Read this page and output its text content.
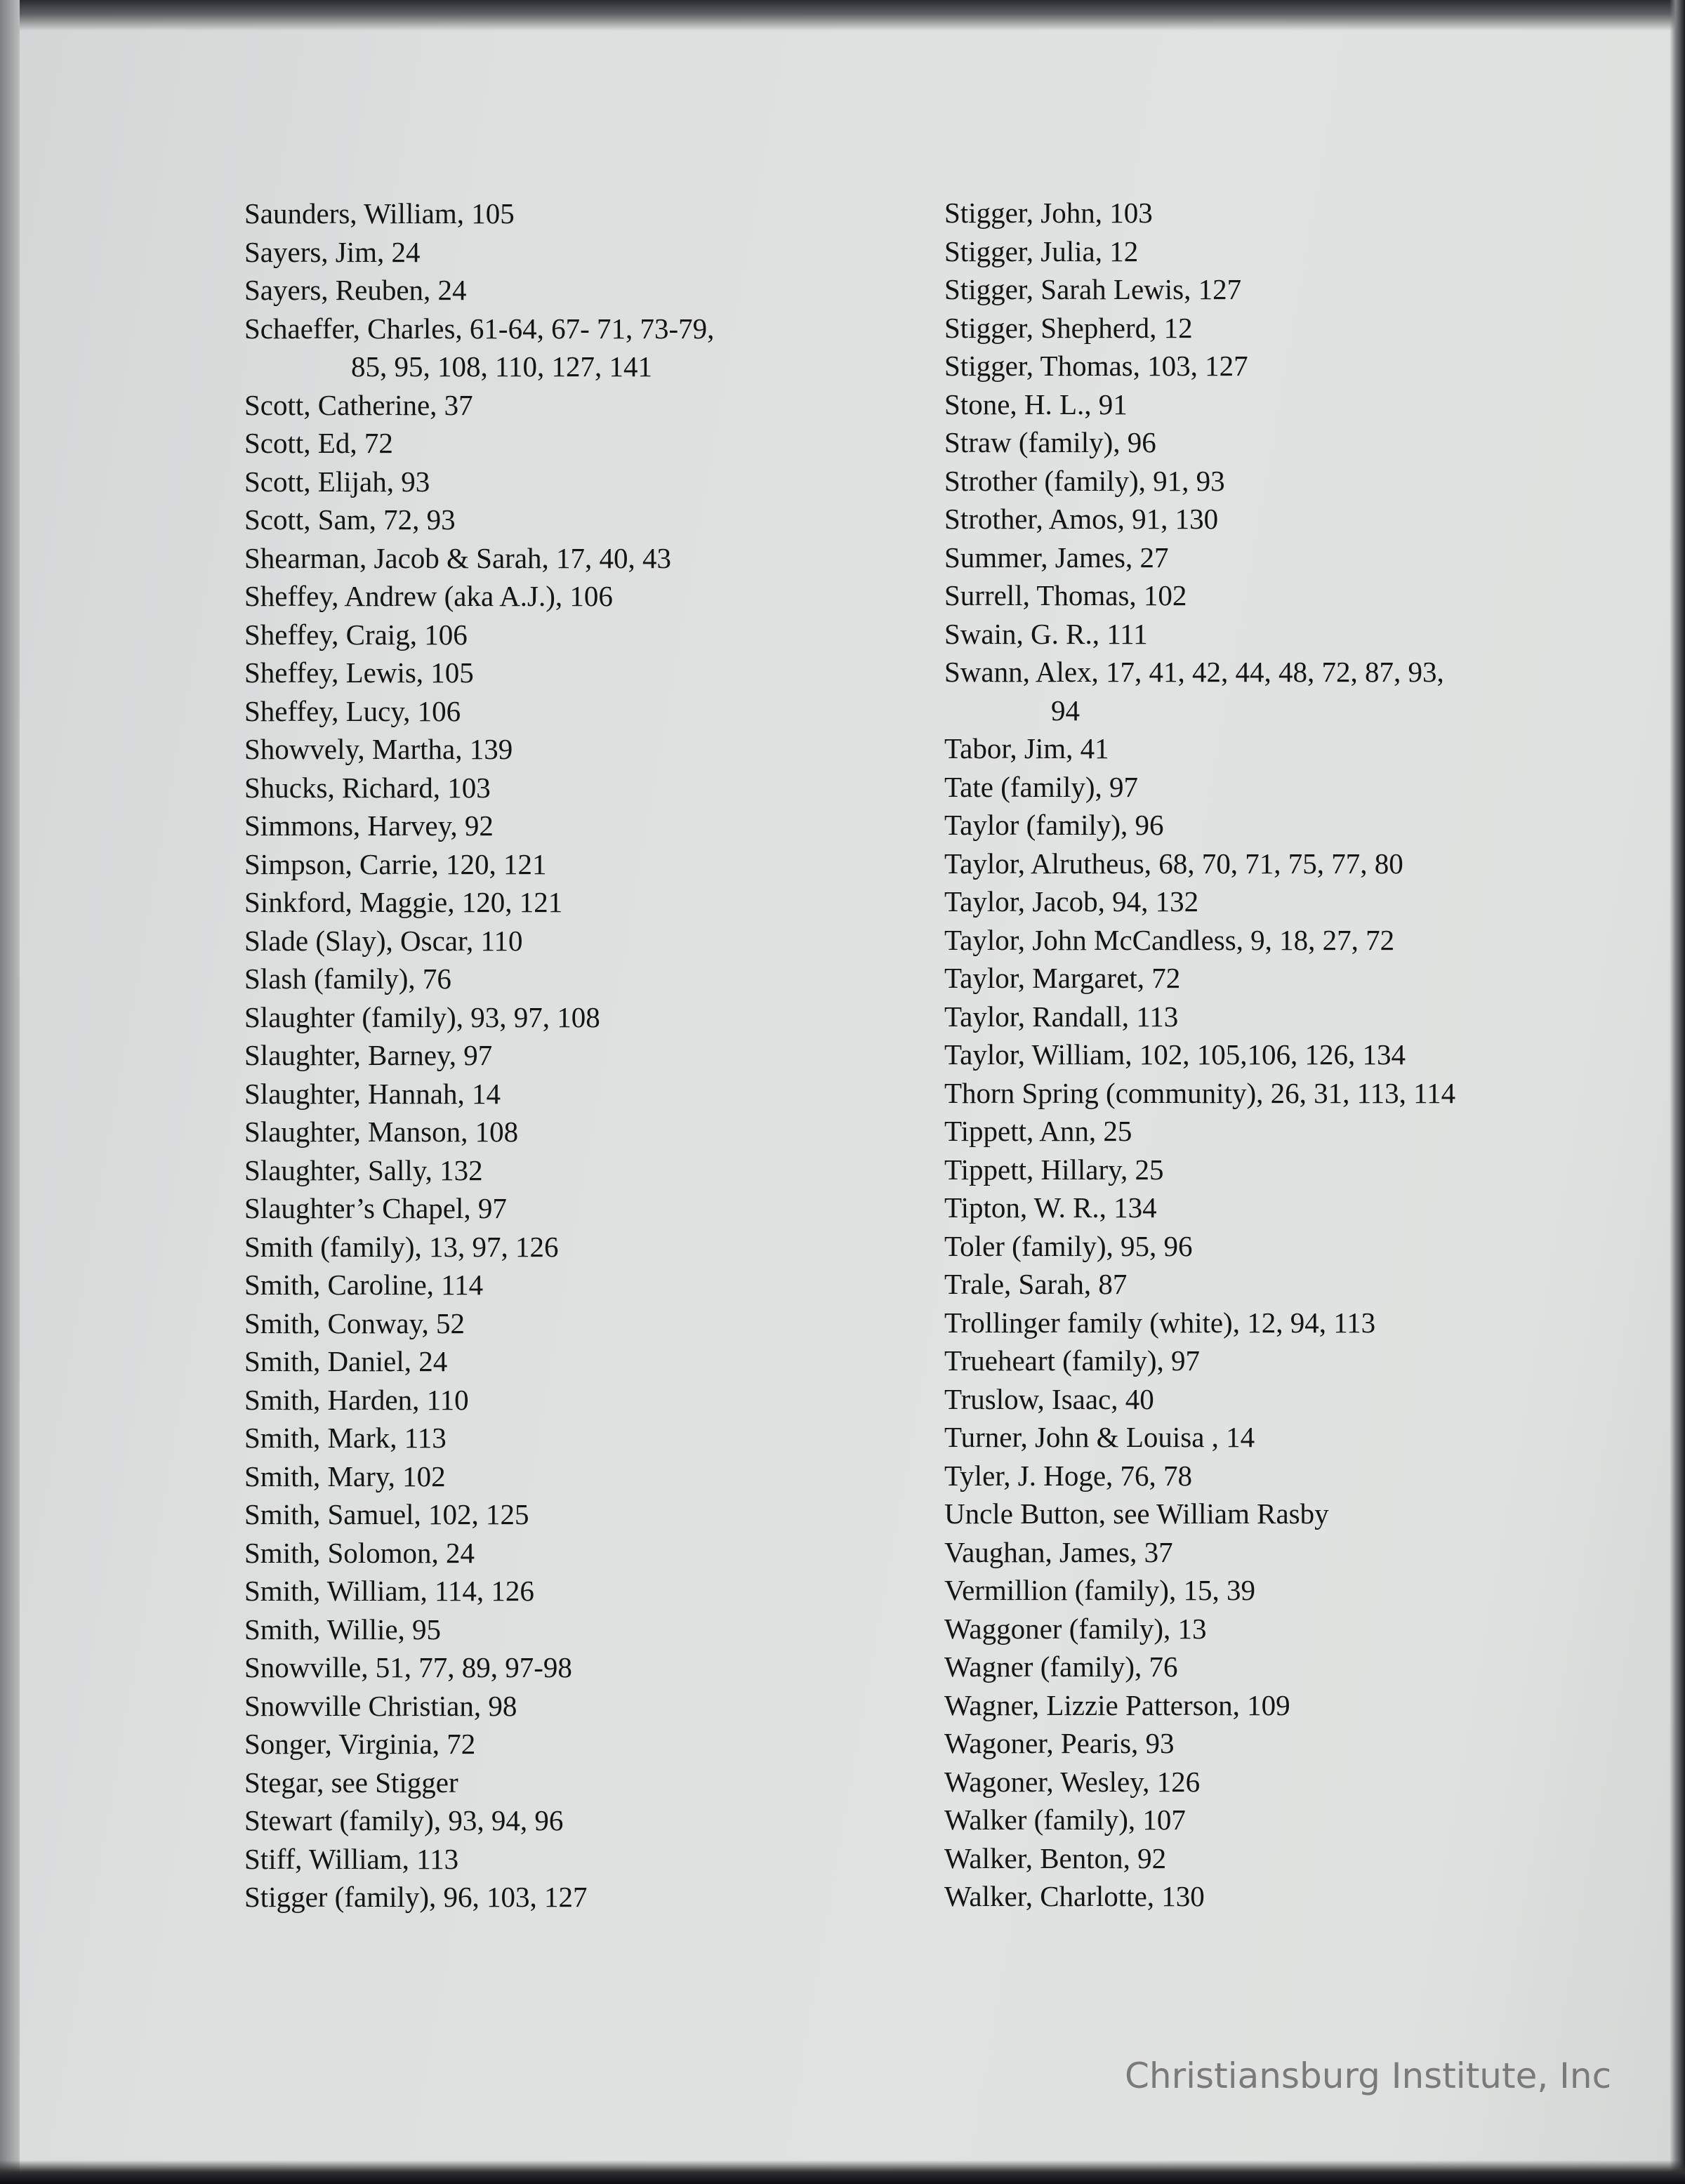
Saunders, William, 105
Sayers, Jim, 24
Sayers, Reuben, 24
Schaeffer, Charles, 61-64, 67- 71, 73-79,
85, 95, 108, 110, 127, 141
Scott, Catherine, 37
Scott, Ed, 72
Scott, Elijah, 93
Scott, Sam, 72, 93
Shearman, Jacob & Sarah, 17, 40, 43
Sheffey, Andrew (aka A.J.), 106
Sheffey, Craig, 106
Sheffey, Lewis, 105
Sheffey, Lucy, 106
Showvely, Martha, 139
Shucks, Richard, 103
Simmons, Harvey, 92
Simpson, Carrie, 120, 121
Sinkford, Maggie, 120, 121
Slade (Slay), Oscar, 110
Slash (family), 76
Slaughter (family), 93, 97, 108
Slaughter, Barney, 97
Slaughter, Hannah, 14
Slaughter, Manson, 108
Slaughter, Sally, 132
Slaughter’s Chapel, 97
Smith (family), 13, 97, 126
Smith, Caroline, 114
Smith, Conway, 52
Smith, Daniel, 24
Smith, Harden, 110
Smith, Mark, 113
Smith, Mary, 102
Smith, Samuel, 102, 125
Smith, Solomon, 24
Smith, William, 114, 126
Smith, Willie, 95
Snowville, 51, 77, 89, 97-98
Snowville Christian, 98
Songer, Virginia, 72
Stegar, see Stigger
Stewart (family), 93, 94, 96
Stiff, William, 113
Stigger (family), 96, 103, 127
Stigger, John, 103
Stigger, Julia, 12
Stigger, Sarah Lewis, 127
Stigger, Shepherd, 12
Stigger, Thomas, 103, 127
Stone, H. L., 91
Straw (family), 96
Strother (family), 91, 93
Strother, Amos, 91, 130
Summer, James, 27
Surrell, Thomas, 102
Swain, G. R., 111
Swann, Alex, 17, 41, 42, 44, 48, 72, 87, 93,
94
Tabor, Jim, 41
Tate (family), 97
Taylor (family), 96
Taylor, Alrutheus, 68, 70, 71, 75, 77, 80
Taylor, Jacob, 94, 132
Taylor, John McCandless, 9, 18, 27, 72
Taylor, Margaret, 72
Taylor, Randall, 113
Taylor, William, 102, 105,106, 126, 134
Thorn Spring (community), 26, 31, 113, 114
Tippett, Ann, 25
Tippett, Hillary, 25
Tipton, W. R., 134
Toler (family), 95, 96
Trale, Sarah, 87
Trollinger family (white), 12, 94, 113
Trueheart (family), 97
Truslow, Isaac, 40
Turner, John & Louisa , 14
Tyler, J. Hoge, 76, 78
Uncle Button, see William Rasby
Vaughan, James, 37
Vermillion (family), 15, 39
Waggoner (family), 13
Wagner (family), 76
Wagner, Lizzie Patterson, 109
Wagoner, Pearis, 93
Wagoner, Wesley, 126
Walker (family), 107
Walker, Benton, 92
Walker, Charlotte, 130
Christiansburg Institute, Inc
